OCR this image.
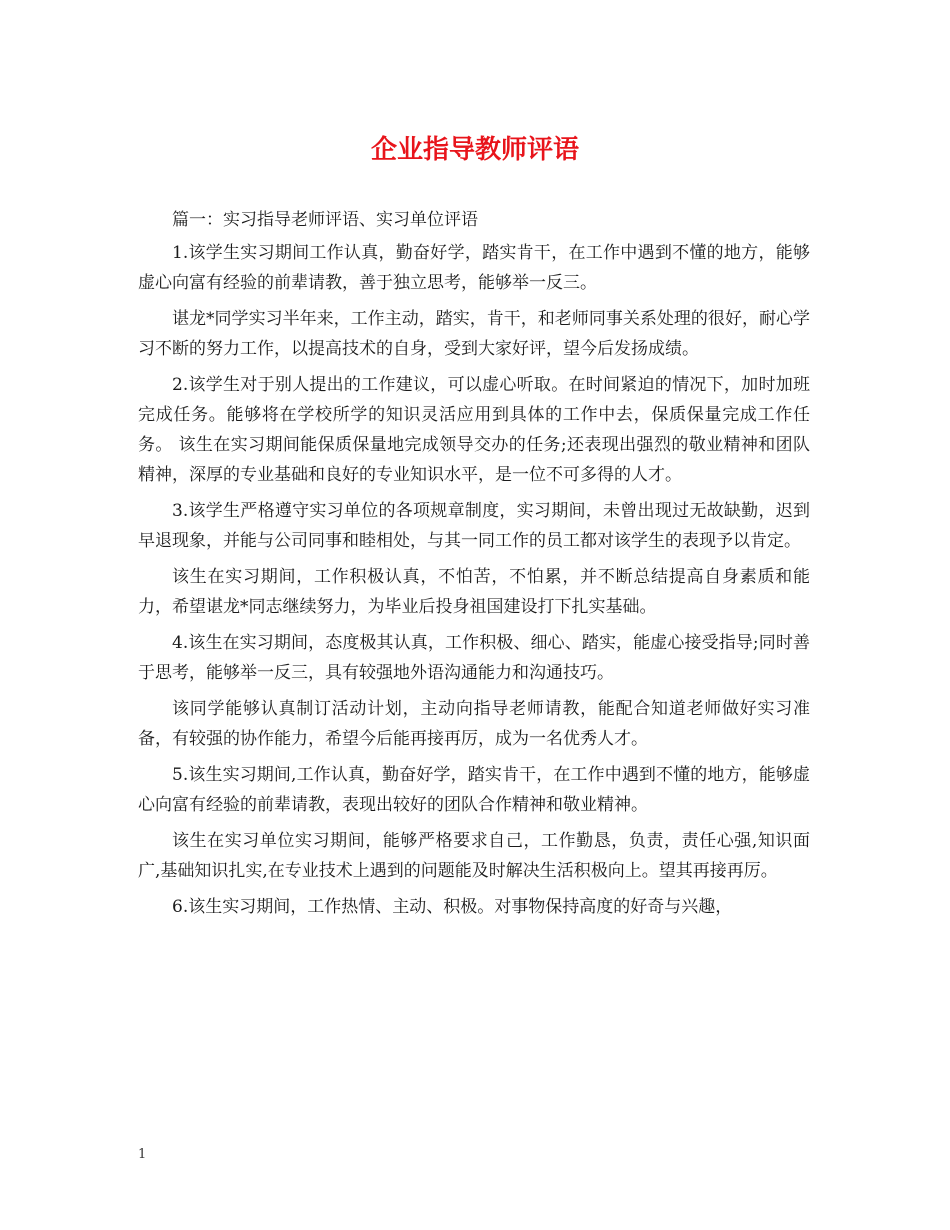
企业指导教师评语

篇一：实习指导老师评语、实习单位评语

1.该学生实习期间工作认真，勤奋好学，踏实肯干，在工作中遇到不懂的地方，能够虚心向富有经验的前辈请教，善于独立思考，能够举一反三。

谌龙*同学实习半年来，工作主动，踏实，肯干，和老师同事关系处理的很好，耐心学习不断的努力工作，以提高技术的自身，受到大家好评，望今后发扬成绩。

2.该学生对于别人提出的工作建议，可以虚心听取。在时间紧迫的情况下，加时加班完成任务。能够将在学校所学的知识灵活应用到具体的工作中去，保质保量完成工作任务。 该生在实习期间能保质保量地完成领导交办的任务;还表现出强烈的敬业精神和团队精神，深厚的专业基础和良好的专业知识水平，是一位不可多得的人才。

3.该学生严格遵守实习单位的各项规章制度，实习期间，未曾出现过无故缺勤，迟到早退现象，并能与公司同事和睦相处，与其一同工作的员工都对该学生的表现予以肯定。

该生在实习期间，工作积极认真，不怕苦，不怕累，并不断总结提高自身素质和能力，希望谌龙*同志继续努力，为毕业后投身祖国建设打下扎实基础。

4.该生在实习期间，态度极其认真，工作积极、细心、踏实，能虚心接受指导;同时善于思考，能够举一反三，具有较强地外语沟通能力和沟通技巧。

该同学能够认真制订活动计划，主动向指导老师请教，能配合知道老师做好实习准备，有较强的协作能力，希望今后能再接再厉，成为一名优秀人才。

5.该生实习期间,工作认真，勤奋好学，踏实肯干，在工作中遇到不懂的地方，能够虚心向富有经验的前辈请教，表现出较好的团队合作精神和敬业精神。

该生在实习单位实习期间，能够严格要求自己，工作勤恳，负责，责任心强,知识面广,基础知识扎实,在专业技术上遇到的问题能及时解决生活积极向上。望其再接再厉。

6.该生实习期间，工作热情、主动、积极。对事物保持高度的好奇与兴趣，

1
